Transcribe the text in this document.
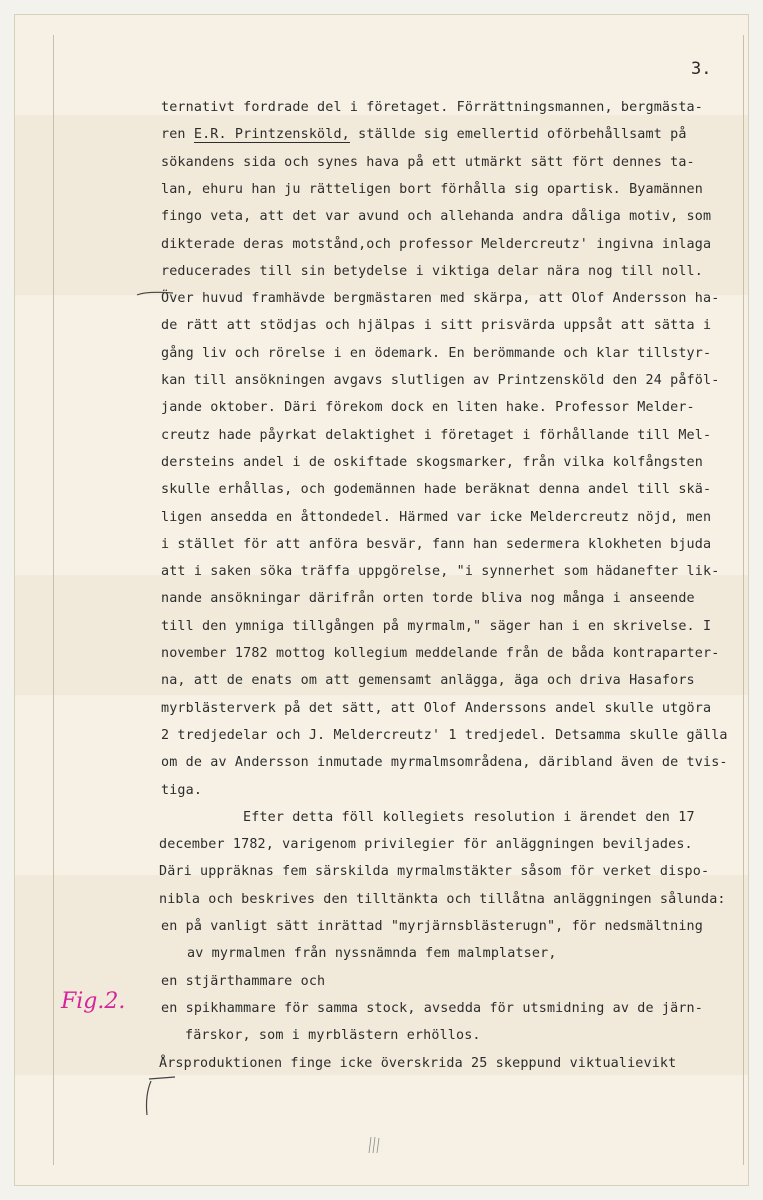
3.
ternativt fordrade del i företaget. Förrättningsmannen, bergmästa-
ren E.R. Printzensköld, ställde sig emellertid oförbehållsamt på
sökandens sida och synes hava på ett utmärkt sätt fört dennes ta-
lan, ehuru han ju rätteligen bort förhålla sig opartisk. Byamännen
fingo veta, att det var avund och allehanda andra dåliga motiv, som
dikterade deras motstånd,och professor Meldercreutz' ingivna inlaga
reducerades till sin betydelse i viktiga delar nära nog till noll.
Över huvud framhävde bergmästaren med skärpa, att Olof Andersson ha-
de rätt att stödjas och hjälpas i sitt prisvärda uppsåt att sätta i
gång liv och rörelse i en ödemark. En berömmande och klar tillstyr-
kan till ansökningen avgavs slutligen av Printzensköld den 24 påföl-
jande oktober. Däri förekom dock en liten hake. Professor Melder-
creutz hade påyrkat delaktighet i företaget i förhållande till Mel-
dersteins andel i de oskiftade skogsmarker, från vilka kolfångsten
skulle erhållas, och godemännen hade beräknat denna andel till skä-
ligen ansedda en åttondedel. Härmed var icke Meldercreutz nöjd, men
i stället för att anföra besvär, fann han sedermera klokheten bjuda
att i saken söka träffa uppgörelse, "i synnerhet som hädanefter lik-
nande ansökningar därifrån orten torde bliva nog många i anseende
till den ymniga tillgången på myrmalm," säger han i en skrivelse. I
november 1782 mottog kollegium meddelande från de båda kontraparter-
na, att de enats om att gemensamt anlägga, äga och driva Hasafors
myrblästerverk på det sätt, att Olof Anderssons andel skulle utgöra
2 tredjedelar och J. Meldercreutz' 1 tredjedel. Detsamma skulle gälla
om de av Andersson inmutade myrmalmsområdena, däribland även de tvis-
tiga.
Efter detta föll kollegiets resolution i ärendet den 17
december 1782, varigenom privilegier för anläggningen beviljades.
Däri uppräknas fem särskilda myrmalmstäkter såsom för verket dispo-
nibla och beskrives den tilltänkta och tillåtna anläggningen sålunda:
en på vanligt sätt inrättad "myrjärnsblästerugn", för nedsmältning
av myrmalmen från nyssnämnda fem malmplatser,
en stjärthammare och
en spikhammare för samma stock, avsedda för utsmidning av de järn-
färskor, som i myrblästern erhöllos.
Årsproduktionen finge icke överskrida 25 skeppund viktualievikt
Fig.2.
